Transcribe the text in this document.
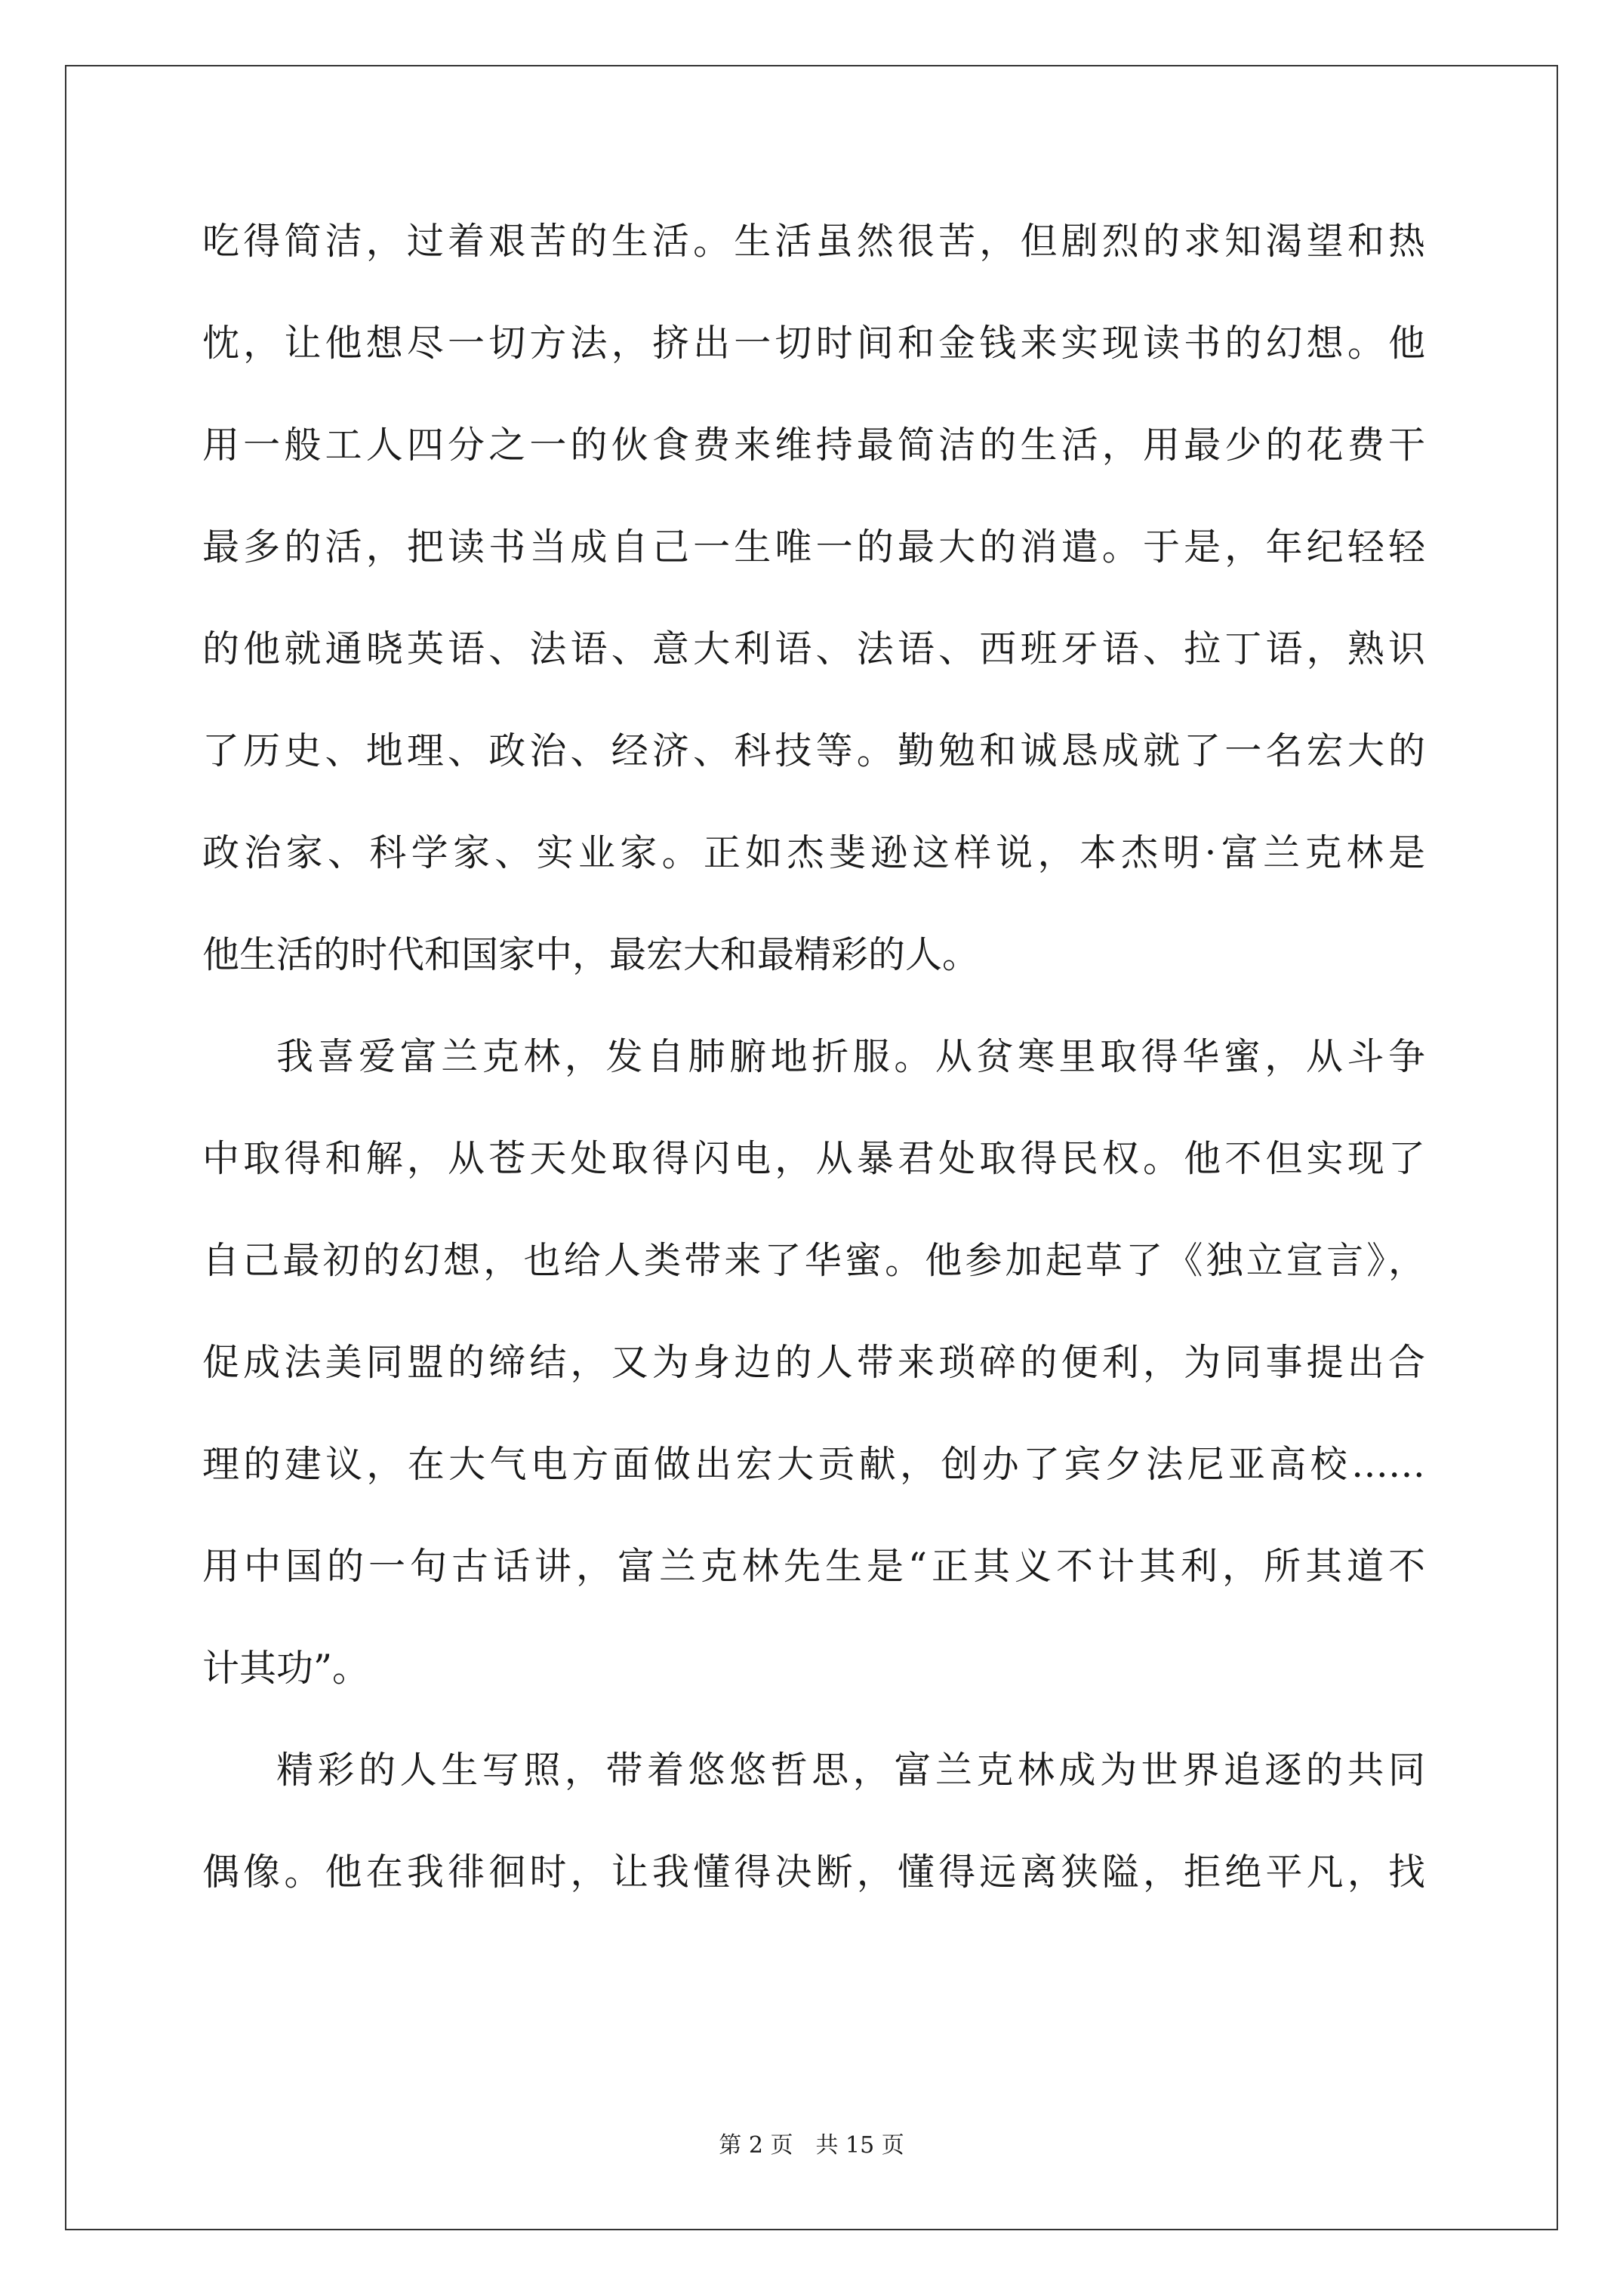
吃得简洁，过着艰苦的生活。生活虽然很苦，但剧烈的求知渴望和热
忱，让他想尽一切方法，挤出一切时间和金钱来实现读书的幻想。他
用一般工人四分之一的伙食费来维持最简洁的生活，用最少的花费干
最多的活，把读书当成自己一生唯一的最大的消遣。于是，年纪轻轻
的他就通晓英语、法语、意大利语、法语、西班牙语、拉丁语，熟识
了历史、地理、政治、经济、科技等。勤勉和诚恳成就了一名宏大的
政治家、科学家、实业家。正如杰斐逊这样说，本杰明·富兰克林是
他生活的时代和国家中，最宏大和最精彩的人。
我喜爱富兰克林，发自肺腑地折服。从贫寒里取得华蜜，从斗争
中取得和解，从苍天处取得闪电，从暴君处取得民权。他不但实现了
自己最初的幻想，也给人类带来了华蜜。他参加起草了《独立宣言》，
促成法美同盟的缔结，又为身边的人带来琐碎的便利，为同事提出合
理的建议，在大气电方面做出宏大贡献，创办了宾夕法尼亚高校……
用中国的一句古话讲，富兰克林先生是“正其义不计其利，所其道不
计其功”。
精彩的人生写照，带着悠悠哲思，富兰克林成为世界追逐的共同
偶像。他在我徘徊时，让我懂得决断，懂得远离狭隘，拒绝平凡，找
第 2 页 共 15 页
